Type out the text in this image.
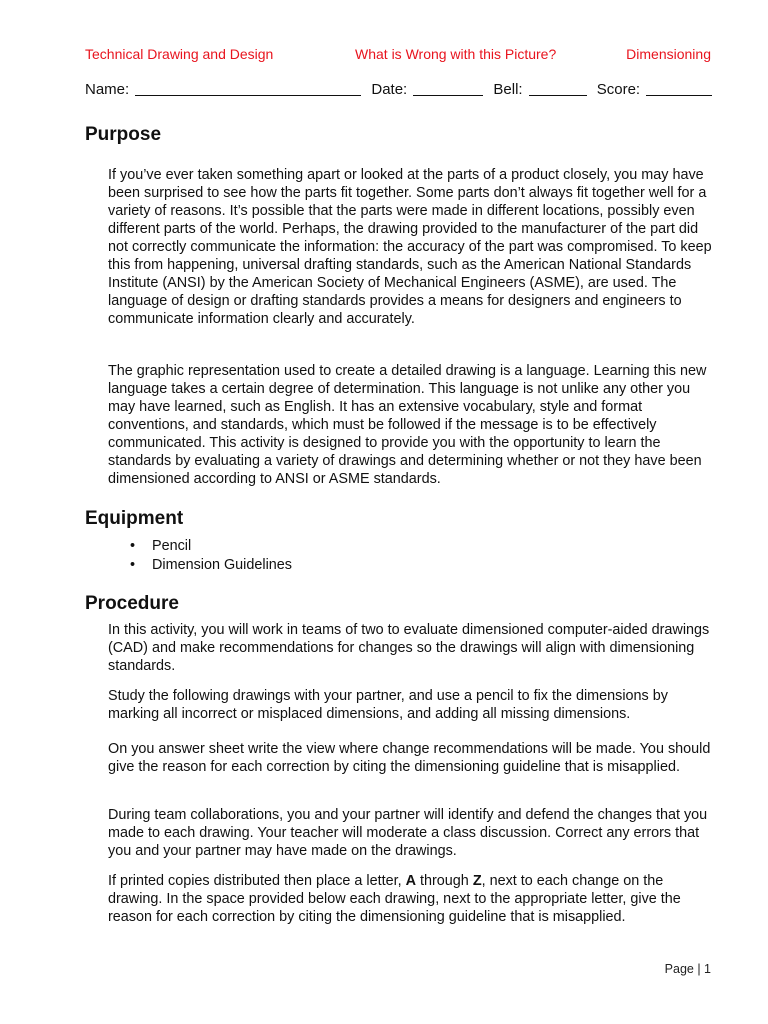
Technical Drawing and Design	What is Wrong with this Picture?	Dimensioning
Name:	Date:	Bell:	Score:
Purpose

If you’ve ever taken something apart or looked at the parts of a product closely, you may have been surprised to see how the parts fit together. Some parts don’t always fit together well for a variety of reasons. It’s possible that the parts were made in different locations, possibly even different parts of the world. Perhaps, the drawing provided to the manufacturer of the part did not correctly communicate the information: the accuracy of the part was compromised. To keep this from happening, universal drafting standards, such as the American National Standards Institute (ANSI) by the American Society of Mechanical Engineers (ASME), are used. The language of design or drafting standards provides a means for designers and engineers to communicate information clearly and accurately.

The graphic representation used to create a detailed drawing is a language. Learning this new language takes a certain degree of determination. This language is not unlike any other you may have learned, such as English. It has an extensive vocabulary, style and format conventions, and standards, which must be followed if the message is to be effectively communicated. This activity is designed to provide you with the opportunity to learn the standards by evaluating a variety of drawings and determining whether or not they have been dimensioned according to ANSI or ASME standards.

Equipment
• Pencil
• Dimension Guidelines
Procedure

In this activity, you will work in teams of two to evaluate dimensioned computer-aided drawings (CAD) and make recommendations for changes so the drawings will align with dimensioning standards.

Study the following drawings with your partner, and use a pencil to fix the dimensions by marking all incorrect or misplaced dimensions, and adding all missing dimensions.

On you answer sheet write the view where change recommendations will be made. You should give the reason for each correction by citing the dimensioning guideline that is misapplied.

During team collaborations, you and your partner will identify and defend the changes that you made to each drawing. Your teacher will moderate a class discussion. Correct any errors that you and your partner may have made on the drawings.

If printed copies distributed then place a letter, A through Z, next to each change on the drawing. In the space provided below each drawing, next to the appropriate letter, give the reason for each correction by citing the dimensioning guideline that is misapplied.

Page | 1
